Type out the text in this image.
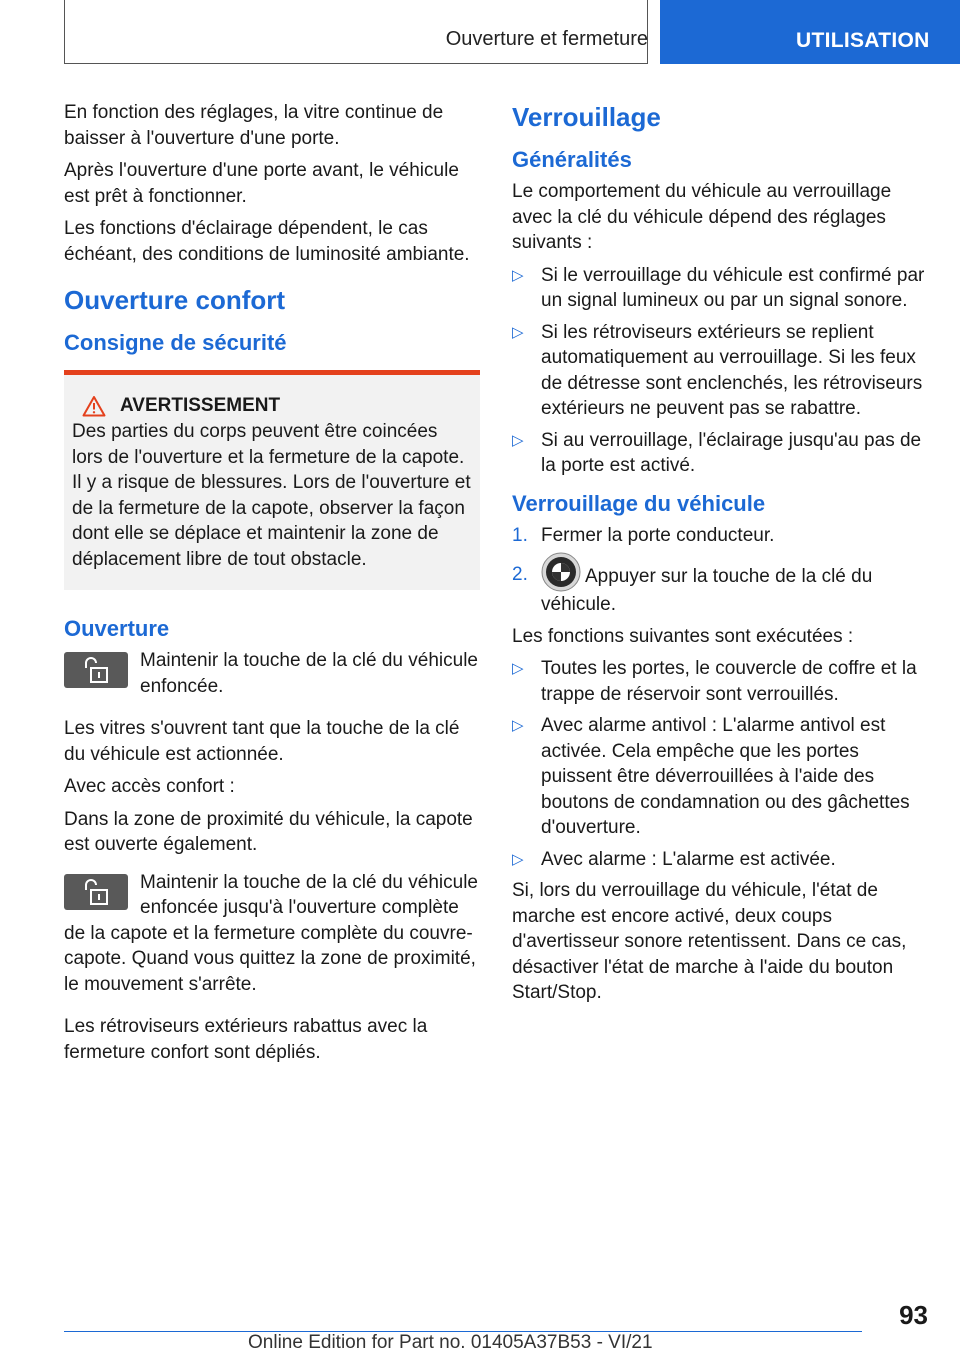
Ouverture et fermeture	UTILISATION

En fonction des réglages, la vitre continue de baisser à l'ouverture d'une porte.

Après l'ouverture d'une porte avant, le véhicule est prêt à fonctionner.

Les fonctions d'éclairage dépendent, le cas échéant, des conditions de luminosité ambiante.

Ouverture confort
Consigne de sécurité
AVERTISSEMENT

Des parties du corps peuvent être coincées lors de l'ouverture et la fermeture de la capote. Il y a risque de blessures. Lors de l'ouverture et de la fermeture de la capote, observer la façon dont elle se déplace et maintenir la zone de déplacement libre de tout obstacle.

Ouverture

Maintenir la touche de la clé du véhicule enfoncée.

Les vitres s'ouvrent tant que la touche de la clé du véhicule est actionnée.

Avec accès confort :

Dans la zone de proximité du véhicule, la capote est ouverte également.

Maintenir la touche de la clé du véhicule enfoncée jusqu'à l'ouverture complète de la capote et la fermeture complète du couvre-capote. Quand vous quittez la zone de proximité, le mouvement s'arrête.

Les rétroviseurs extérieurs rabattus avec la fermeture confort sont dépliés.

Verrouillage
Généralités

Le comportement du véhicule au verrouillage avec la clé du véhicule dépend des réglages suivants :

▷ Si le verrouillage du véhicule est confirmé par un signal lumineux ou par un signal sonore.
▷ Si les rétroviseurs extérieurs se replient automatiquement au verrouillage. Si les feux de détresse sont enclenchés, les rétroviseurs extérieurs ne peuvent pas se rabattre.
▷ Si au verrouillage, l'éclairage jusqu'au pas de la porte est activé.
Verrouillage du véhicule
1. Fermer la porte conducteur.
2.	Appuyer sur la touche de la clé du véhicule.

Les fonctions suivantes sont exécutées :

▷ Toutes les portes, le couvercle de coffre et la trappe de réservoir sont verrouillés.
▷ Avec alarme antivol : L'alarme antivol est activée. Cela empêche que les portes puissent être déverrouillées à l'aide des boutons de condamnation ou des gâchettes d'ouverture.
▷ Avec alarme : L'alarme est activée.

Si, lors du verrouillage du véhicule, l'état de marche est encore activé, deux coups d'avertisseur sonore retentissent. Dans ce cas, désactiver l'état de marche à l'aide du bouton Start/Stop.

93
Online Edition for Part no. 01405A37B53 - VI/21
